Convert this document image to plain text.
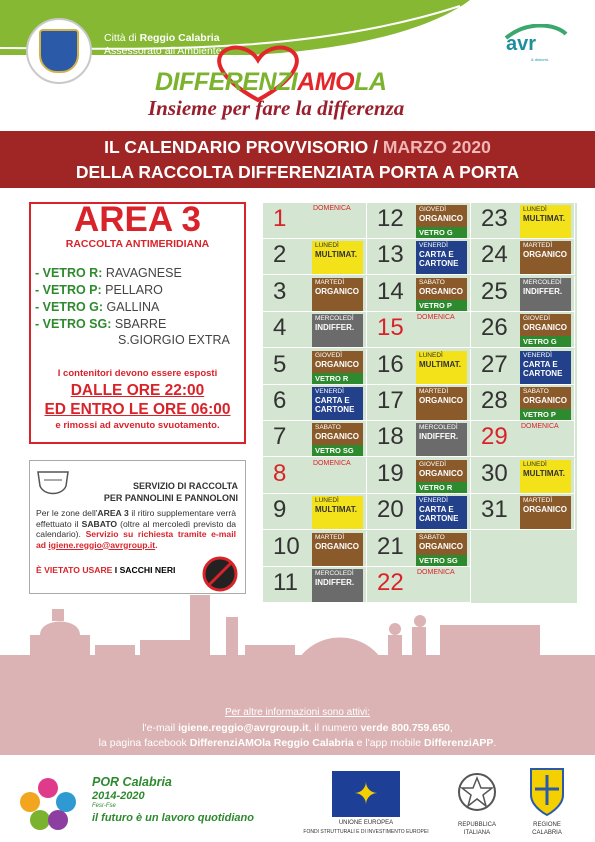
Città di Reggio Calabria
Assessorato all'Ambiente	avr
& dintorni.
DIFFERENZIAMOLA
Insieme per fare la differenza
IL CALENDARIO PROVVISORIO / MARZO 2020
DELLA RACCOLTA DIFFERENZIATA PORTA A PORTA
AREA 3
RACCOLTA ANTIMERIDIANA
- VETRO R: RAVAGNESE
- VETRO P: PELLARO
- VETRO G: GALLINA
- VETRO SG: SBARRE
S.GIORGIO EXTRA
I contenitori devono essere esposti
DALLE ORE 22:00
ED ENTRO LE ORE 06:00
e rimossi ad avvenuto svuotamento.
SERVIZIO DI RACCOLTA
PER PANNOLINI E PANNOLONI
Per le zone dell'AREA 3 il ritiro supplementare verrà effettuato il SABATO (oltre al mercoledì previsto da calendario). Servizio su richiesta tramite e-mail ad igiene.reggio@avrgroup.it.
È VIETATO USARE I SACCHI NERI
1	DOMENICA
2	LUNEDÌ
MULTIMAT.
3	MARTEDÌ
ORGANICO
4	MERCOLEDÌ
INDIFFER.
5	GIOVEDÌ
ORGANICO
VETRO R
6	VENERDÌ
CARTA E CARTONE
7	SABATO
ORGANICO
VETRO SG
8	DOMENICA
9	LUNEDÌ
MULTIMAT.
10 MARTEDÌ
ORGANICO
11	MERCOLEDÌ
INDIFFER.
12 GIOVEDÌ
ORGANICO
VETRO G
13 VENERDÌ
CARTA E CARTONE
14 SABATO
ORGANICO
VETRO P
15 DOMENICA
16 LUNEDÌ
MULTIMAT.
17 MARTEDÌ
ORGANICO
18 MERCOLEDÌ
INDIFFER.
19 GIOVEDÌ
ORGANICO
VETRO R
20 VENERDÌ
CARTA E CARTONE
21 SABATO
ORGANICO
VETRO SG
22 DOMENICA
23 LUNEDÌ
MULTIMAT.
24 MARTEDÌ
ORGANICO
25 MERCOLEDÌ
INDIFFER.
26 GIOVEDÌ
ORGANICO
VETRO G
27 VENERDÌ
CARTA E CARTONE
28 SABATO
ORGANICO
VETRO P
29 DOMENICA
30 LUNEDÌ
MULTIMAT.
31 MARTEDÌ
ORGANICO
Per altre informazioni sono attivi:
l'e-mail igiene.reggio@avrgroup.it, il numero verde 800.759.650,
la pagina facebook DifferenziAMOla Reggio Calabria e l'app mobile DifferenziAPP.
POR Calabria
2014-2020
Fesr-Fse
il futuro è un lavoro quotidiano
✦
UNIONE EUROPEA
FONDI STRUTTURALI E DI INVESTIMENTO EUROPEI
REPUBBLICA
ITALIANA
REGIONE
CALABRIA
